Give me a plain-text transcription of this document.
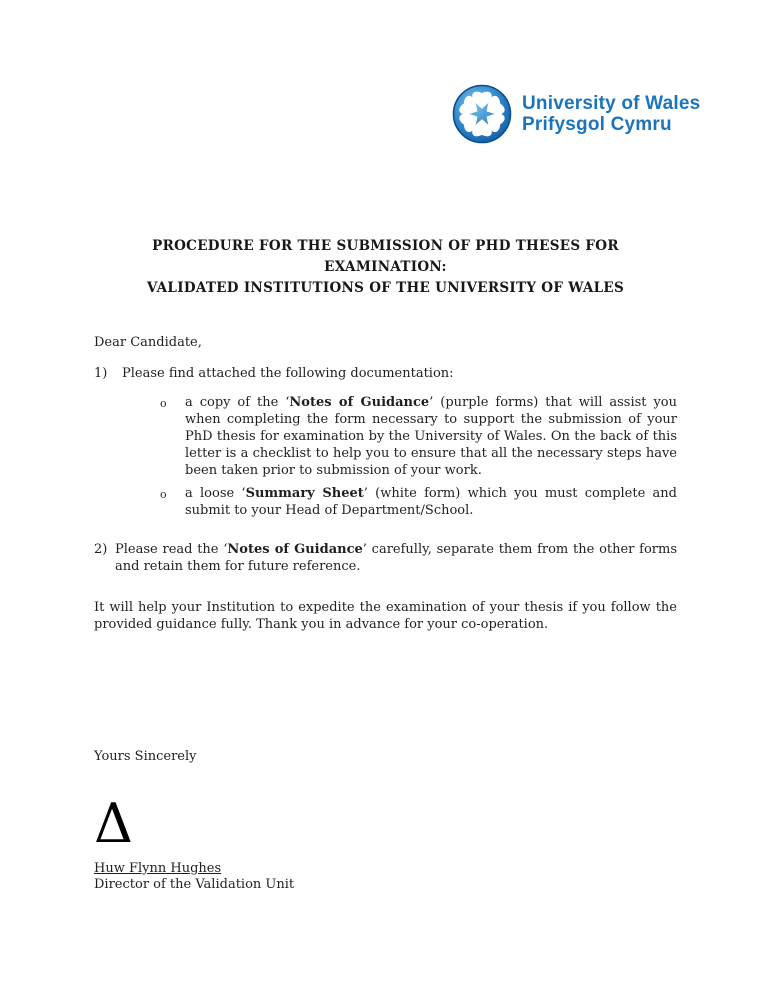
University of Wales
Prifysgol Cymru
PROCEDURE FOR THE SUBMISSION OF PHD THESES FOR EXAMINATION:
VALIDATED INSTITUTIONS OF THE UNIVERSITY OF WALES
Dear Candidate,
1)	Please find attached the following documentation:
o	a copy of the ‘Notes of Guidance’ (purple forms) that will assist you when completing the form necessary to support the submission of your PhD thesis for examination by the University of Wales. On the back of this letter is a checklist to help you to ensure that all the necessary steps have been taken prior to submission of your work.
o	a loose ‘Summary Sheet’ (white form) which you must complete and submit to your Head of Department/School.
2) Please read the ‘Notes of Guidance’ carefully, separate them from the other forms and retain them for future reference.
It will help your Institution to expedite the examination of your thesis if you follow the provided guidance fully. Thank you in advance for your co-operation.
Yours Sincerely
Δ
Huw Flynn Hughes
Director of the Validation Unit
